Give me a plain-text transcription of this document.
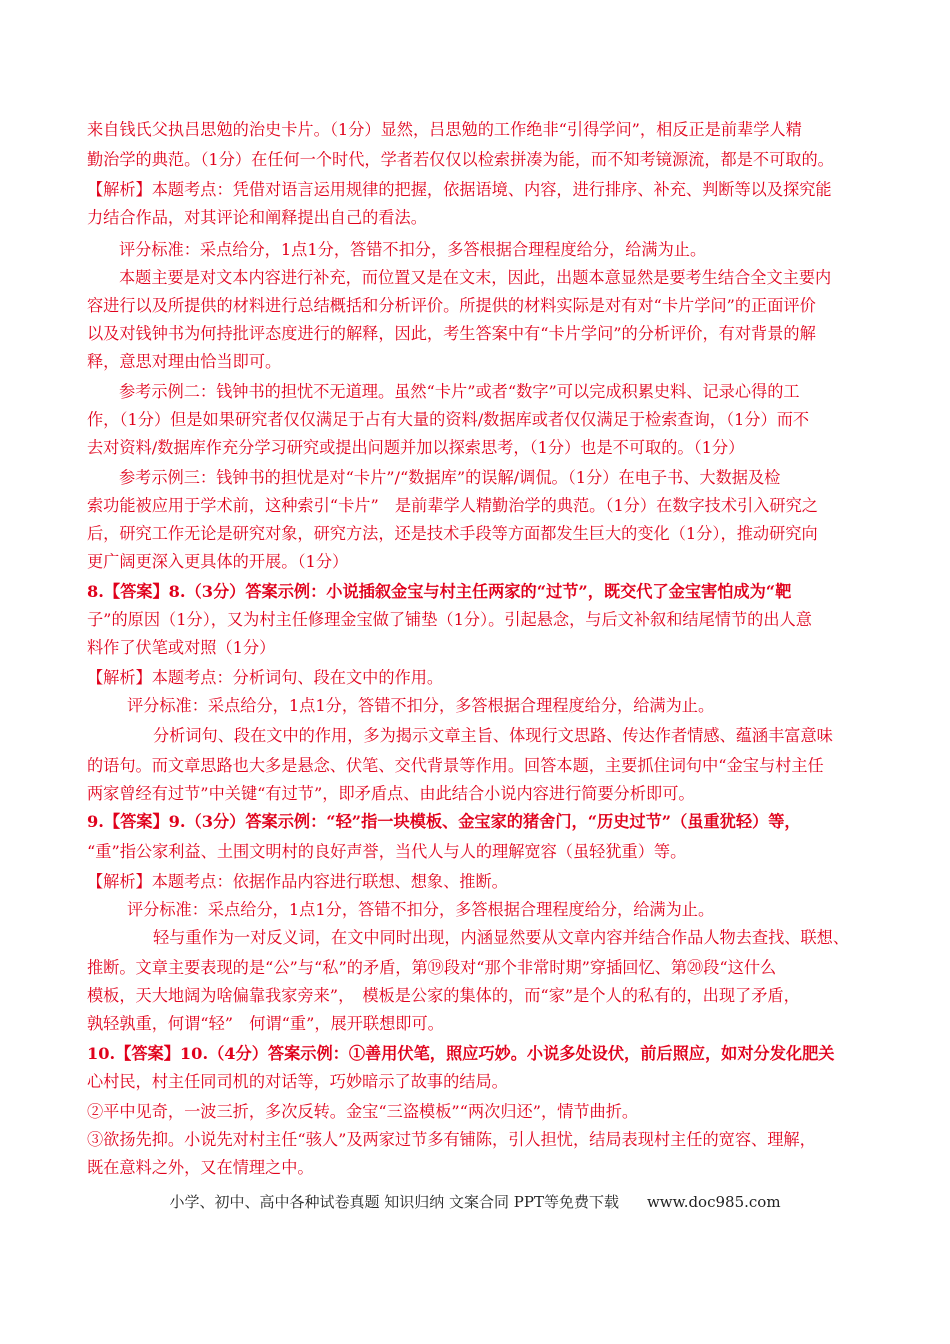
来自钱氏父执吕思勉的治史卡片。（1分）显然，吕思勉的工作绝非“引得学问”，相反正是前辈学人精
勤治学的典范。（1分）在任何一个时代，学者若仅仅以检索拼凑为能，而不知考镜源流，都是不可取的。
【解析】本题考点：凭借对语言运用规律的把握，依据语境、内容，进行排序、补充、判断等以及探究能
力结合作品，对其评论和阐释提出自己的看法。
评分标准：采点给分，1点1分，答错不扣分，多答根据合理程度给分，给满为止。
本题主要是对文本内容进行补充，而位置又是在文末，因此，出题本意显然是要考生结合全文主要内
容进行以及所提供的材料进行总结概括和分析评价。所提供的材料实际是对有对“卡片学问”的正面评价
以及对钱钟书为何持批评态度进行的解释，因此，考生答案中有“卡片学问”的分析评价，有对背景的解
释，意思对理由恰当即可。
参考示例二：钱钟书的担忧不无道理。虽然“卡片”或者“数字”可以完成积累史料、记录心得的工
作，（1分）但是如果研究者仅仅满足于占有大量的资料/数据库或者仅仅满足于检索查询，（1分）而不
去对资料/数据库作充分学习研究或提出问题并加以探索思考，（1分）也是不可取的。（1分）
参考示例三：钱钟书的担忧是对“卡片”/“数据库”的误解/调侃。（1分）在电子书、大数据及检
索功能被应用于学术前，这种索引“卡片”　是前辈学人精勤治学的典范。（1分）在数字技术引入研究之
后，研究工作无论是研究对象，研究方法，还是技术手段等方面都发生巨大的变化（1分），推动研究向
更广阔更深入更具体的开展。（1分）
8.【答案】8.（3分）答案示例：小说插叙金宝与村主任两家的“过节”，既交代了金宝害怕成为“靶
子”的原因（1分），又为村主任修理金宝做了铺垫（1分）。引起悬念，与后文补叙和结尾情节的出人意
料作了伏笔或对照（1分）
【解析】本题考点：分析词句、段在文中的作用。
评分标准：采点给分，1点1分，答错不扣分，多答根据合理程度给分，给满为止。
分析词句、段在文中的作用，多为揭示文章主旨、体现行文思路、传达作者情感、蕴涵丰富意味
的语句。而文章思路也大多是悬念、伏笔、交代背景等作用。回答本题，主要抓住词句中“金宝与村主任
两家曾经有过节”中关键“有过节”，即矛盾点、由此结合小说内容进行简要分析即可。
9.【答案】9.（3分）答案示例：“轻”指一块模板、金宝家的猪舍门，“历史过节”（虽重犹轻）等，
“重”指公家利益、土围文明村的良好声誉，当代人与人的理解宽容（虽轻犹重）等。
【解析】本题考点：依据作品内容进行联想、想象、推断。
评分标准：采点给分，1点1分，答错不扣分，多答根据合理程度给分，给满为止。
轻与重作为一对反义词，在文中同时出现，内涵显然要从文章内容并结合作品人物去查找、联想、
推断。文章主要表现的是“公”与“私”的矛盾，第⑲段对“那个非常时期”穿插回忆、第⑳段“这什么
模板，天大地阔为啥偏靠我家旁来”，　模板是公家的集体的，而“家”是个人的私有的，出现了矛盾，
孰轻孰重，何谓“轻”　何谓“重”，展开联想即可。
10.【答案】10.（4分）答案示例：①善用伏笔，照应巧妙。小说多处设伏，前后照应，如对分发化肥关
心村民，村主任同司机的对话等，巧妙暗示了故事的结局。
②平中见奇，一波三折，多次反转。金宝“三盗模板”“两次归还”，情节曲折。
③欲扬先抑。小说先对村主任“骇人”及两家过节多有铺陈，引人担忧，结局表现村主任的宽容、理解，
既在意料之外，又在情理之中。
小学、初中、高中各种试卷真题 知识归纳 文案合同 PPT等免费下载 www.doc985.com
